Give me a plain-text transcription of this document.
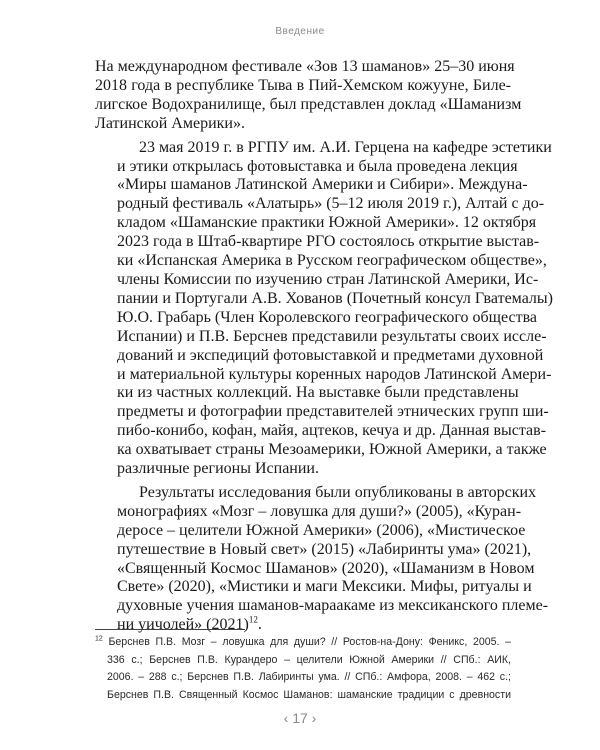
Введение

На международном фестивале «Зов 13 шаманов» 25–30 июня
2018 года в республике Тыва в Пий-Хемском кожууне, Биле-
лигское Водохранилище, был представлен доклад «Шаманизм
Латинской Америки».

23 мая 2019 г. в РГПУ им. А.И. Герцена на кафедре эстетики
и этики открылась фотовыставка и была проведена лекция
«Миры шаманов Латинской Америки и Сибири». Междуна-
родный фестиваль «Алатырь» (5–12 июля 2019 г.), Алтай с до-
кладом «Шаманские практики Южной Америки». 12 октября
2023 года в Штаб-квартире РГО состоялось открытие выстав-
ки «Испанская Америка в Русском географическом обществе»,
члены Комиссии по изучению стран Латинской Америки, Ис-
пании и Португали А.В. Хованов (Почетный консул Гватемалы)
Ю.О. Грабарь (Член Королевского географического общества
Испании) и П.В. Берснев представили результаты своих иссле-
дований и экспедиций фотовыставкой и предметами духовной
и материальной культуры коренных народов Латинской Амери-
ки из частных коллекций. На выставке были представлены
предметы и фотографии представителей этнических групп ши-
пибо-конибо, кофан, майя, ацтеков, кечуа и др. Данная выстав-
ка охватывает страны Мезоамерики, Южной Америки, а также
различные регионы Испании.

Результаты исследования были опубликованы в авторских
монографиях «Мозг – ловушка для души?» (2005), «Куран-
деросе – целители Южной Америки» (2006), «Мистическое
путешествие в Новый свет» (2015) «Лабиринты ума» (2021),
«Священный Космос Шаманов» (2020), «Шаманизм в Новом
Свете» (2020), «Мистики и маги Мексики. Мифы, ритуалы и
духовные учения шаманов-мараакаме из мексиканского племе-
ни уичолей» $(2021)^{12}$.

$^{12}$ Берснев П.В. Мозг – ловушка для души? // Ростов-на-Дону: Феникс, 2005. –
336 с.; Берснев П.В. Курандеро – целители Южной Америки // СПб.: АИК,
2006. – 288 с.; Берснев П.В. Лабиринты ума. // СПб.: Амфора, 2008. – 462 с.;
Берснев П.В. Священный Космос Шаманов: шаманские традиции с древности
‹ 17 ›
